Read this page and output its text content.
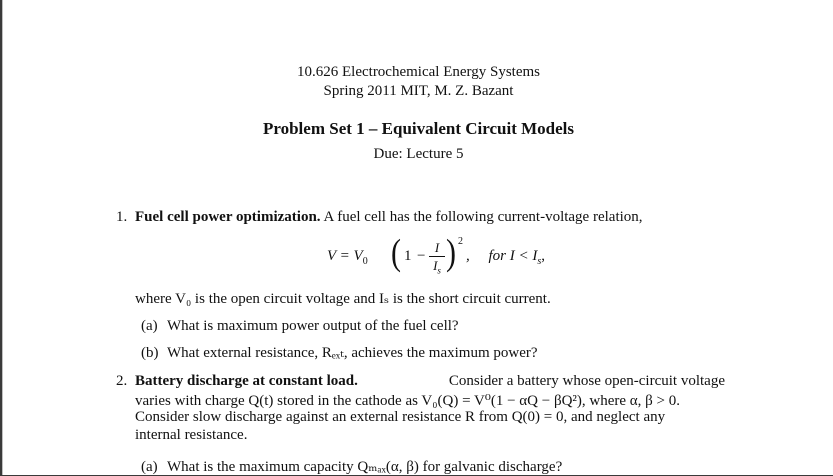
10.626 Electrochemical Energy Systems
Spring 2011 MIT, M. Z. Bazant
Problem Set 1 – Equivalent Circuit Models
Due: Lecture 5
1. Fuel cell power optimization. A fuel cell has the following current-voltage relation,
$V = V_0$ ( 1 −
I
$I_s$ ) 2
,     for $I < I_s$,
where V₀ is the open circuit voltage and Iₛ is the short circuit current.
(a) What is maximum power output of the fuel cell?
(b) What external resistance, Rₑₓₜ, achieves the maximum power?
2. Battery discharge at constant load.	Consider a battery whose open-circuit voltage
varies with charge Q(t) stored in the cathode as V₀(Q) = V⁰(1 − αQ − βQ²), where α, β > 0.
Consider slow discharge against an external resistance R from Q(0) = 0, and neglect any
internal resistance.
(a) What is the maximum capacity Qₘₐₓ(α, β) for galvanic discharge?
